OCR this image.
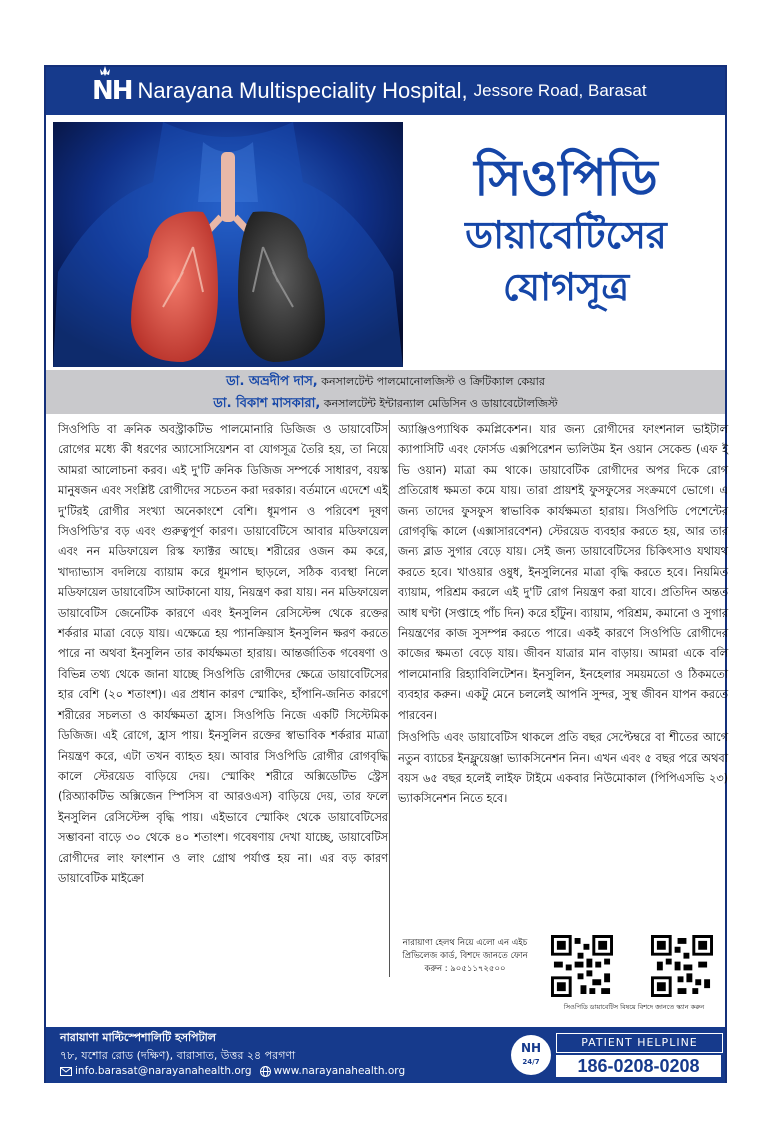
NH Narayana Multispeciality Hospital, Jessore Road, Barasat
সিওপিডি
ডায়াবেটিসের
যোগসূত্র
ডা. অভ্রদীপ দাস, কনসালটেন্ট পালমোনোলজিস্ট ও ক্রিটিক্যাল কেয়ার
ডা. বিকাশ মাসকারা, কনসালটেন্ট ইন্টারন্যাল মেডিসিন ও ডায়াবেটোলজিস্ট

সিওপিডি বা ক্রনিক অবস্ট্রাকটিভ পালমোনারি ডিজিজ ও ডায়াবেটিস রোগের মধ্যে কী ধরণের অ্যাসোসিয়েশন বা যোগসূত্র তৈরি হয়, তা নিয়ে আমরা আলোচনা করব। এই দু'টি ক্রনিক ডিজিজ সম্পর্কে সাধারণ, বয়স্ক মানুষজন এবং সংশ্লিষ্ট রোগীদের সচেতন করা দরকার। বর্তমানে এদেশে এই দু'টিরই রোগীর সংখ্যা অনেকাংশে বেশি। ধূমপান ও পরিবেশ দূষণ সিওপিডি'র বড় এবং গুরুত্বপূর্ণ কারণ। ডায়াবেটিসে আবার মডিফায়েল এবং নন মডিফায়েল রিস্ক ফ্যাক্টর আছে। শরীরের ওজন কম করে, খাদ্যাভ্যাস বদলিয়ে ব্যায়াম করে ধূমপান ছাড়লে, সঠিক ব্যবস্থা নিলে মডিফায়েল ডায়াবেটিস আটকানো যায়, নিয়ন্ত্রণ করা যায়। নন মডিফায়েল ডায়াবেটিস জেনেটিক কারণে এবং ইনসুলিন রেসিস্টেন্স থেকে রক্তের শর্করার মাত্রা বেড়ে যায়। এক্ষেত্রে হয় প্যানক্রিয়াস ইনসুলিন ক্ষরণ করতে পারে না অথবা ইনসুলিন তার কার্যক্ষমতা হারায়। আন্তর্জাতিক গবেষণা ও বিভিন্ন তথ্য থেকে জানা যাচ্ছে সিওপিডি রোগীদের ক্ষেত্রে ডায়াবেটিসের হার বেশি (২০ শতাংশ)। এর প্রধান কারণ স্মোকিং, হাঁপানি-জনিত কারণে শরীরের সচলতা ও কার্যক্ষমতা হ্রাস। সিওপিডি নিজে একটি সিস্টেমিক ডিজিজ। এই রোগে, হ্রাস পায়। ইনসুলিন রক্তের স্বাভাবিক শর্করার মাত্রা নিয়ন্ত্রণ করে, এটা তখন ব্যাহত হয়। আবার সিওপিডি রোগীর রোগবৃদ্ধি কালে স্টেরয়েড বাড়িয়ে দেয়। স্মোকিং শরীরে অক্সিডেটিভ স্ট্রেস (রিঅ্যাকটিভ অক্সিজেন স্পিসিস বা আরওএস) বাড়িয়ে দেয়, তার ফলে ইনসুলিন রেসিস্টেন্স বৃদ্ধি পায়। এইভাবে স্মোকিং থেকে ডায়াবেটিসের সম্ভাবনা বাড়ে ৩০ থেকে ৪০ শতাংশ। গবেষণায় দেখা যাচ্ছে, ডায়াবেটিস রোগীদের লাং ফাংশান ও লাং গ্রোথ পর্যাপ্ত হয় না। এর বড় কারণ ডায়াবেটিক মাইক্রো

অ্যাঞ্জিওপ্যাথিক কমপ্লিকেশন। যার জন্য রোগীদের ফাংশনাল ভাইটাল ক্যাপাসিটি এবং ফোর্সড এক্সপিরেশন ভ্যলিউম ইন ওয়ান সেকেন্ড (এফ ই ভি ওয়ান) মাত্রা কম থাকে। ডায়াবেটিক রোগীদের অপর দিকে রোগ প্রতিরোধ ক্ষমতা কমে যায়। তারা প্রায়শই ফুসফুসের সংক্রমণে ভোগে। এ জন্য তাদের ফুসফুস স্বাভাবিক কার্যক্ষমতা হারায়। সিওপিডি পেশেন্টের রোগবৃদ্ধি কালে (এক্সাসারবেশন) স্টেরয়েড ব্যবহার করতে হয়, আর তার জন্য ব্লাড সুগার বেড়ে যায়। সেই জন্য ডায়াবেটিসের চিকিৎসাও যথাযথ করতে হবে। খাওয়ার ওষুধ, ইনসুলিনের মাত্রা বৃদ্ধি করতে হবে। নিয়মিত ব্যায়াম, পরিশ্রম করলে এই দু'টি রোগ নিয়ন্ত্রণ করা যাবে। প্রতিদিন অন্তত আধ ঘণ্টা (সপ্তাহে পাঁচ দিন) করে হাঁটুন। ব্যায়াম, পরিশ্রম, কমানো ও সুগার নিয়ন্ত্রণের কাজ সুসম্পন্ন করতে পারে। একই কারণে সিওপিডি রোগীদের কাজের ক্ষমতা বেড়ে যায়। জীবন যাত্রার মান বাড়ায়। আমরা একে বলি পালমোনারি রিহ্যাবিলিটেশন। ইনসুলিন, ইনহেলার সময়মতো ও ঠিকমতো ব্যবহার করুন। একটু মেনে চললেই আপনি সুন্দর, সুস্থ জীবন যাপন করতে পারবেন।

সিওপিডি এবং ডায়াবেটিস থাকলে প্রতি বছর সেপ্টেম্বরে বা শীতের আগে নতুন ব্যাচের ইনফ্লুয়েঞ্জা ভ্যাকসিনেশন নিন। এখন এবং ৫ বছর পরে অথবা বয়স ৬৫ বছর হলেই লাইফ টাইমে একবার নিউমোকাল (পিপিএসভি ২৩) ভ্যাকসিনেশন নিতে হবে।

নারায়াণা হেলথ নিয়ে এলো এন এইচ প্রিভিলেজ কার্ড, বিশদে জানতে ফোন করুন : ৯০৫১১৭২৫০০
সিওপিডি ডায়াবেটিস বিষয়ে বিশদে জানতে স্ক্যান করুন
নারায়াণা মাল্টিস্পেশালিটি হসপিটাল
৭৮, যশোর রোড (দক্ষিণ), বারাসাত, উত্তর ২৪ পরগণা
info.barasat@narayanahealth.org www.narayanahealth.org
NH
24/7
PATIENT HELPLINE
186-0208-0208
